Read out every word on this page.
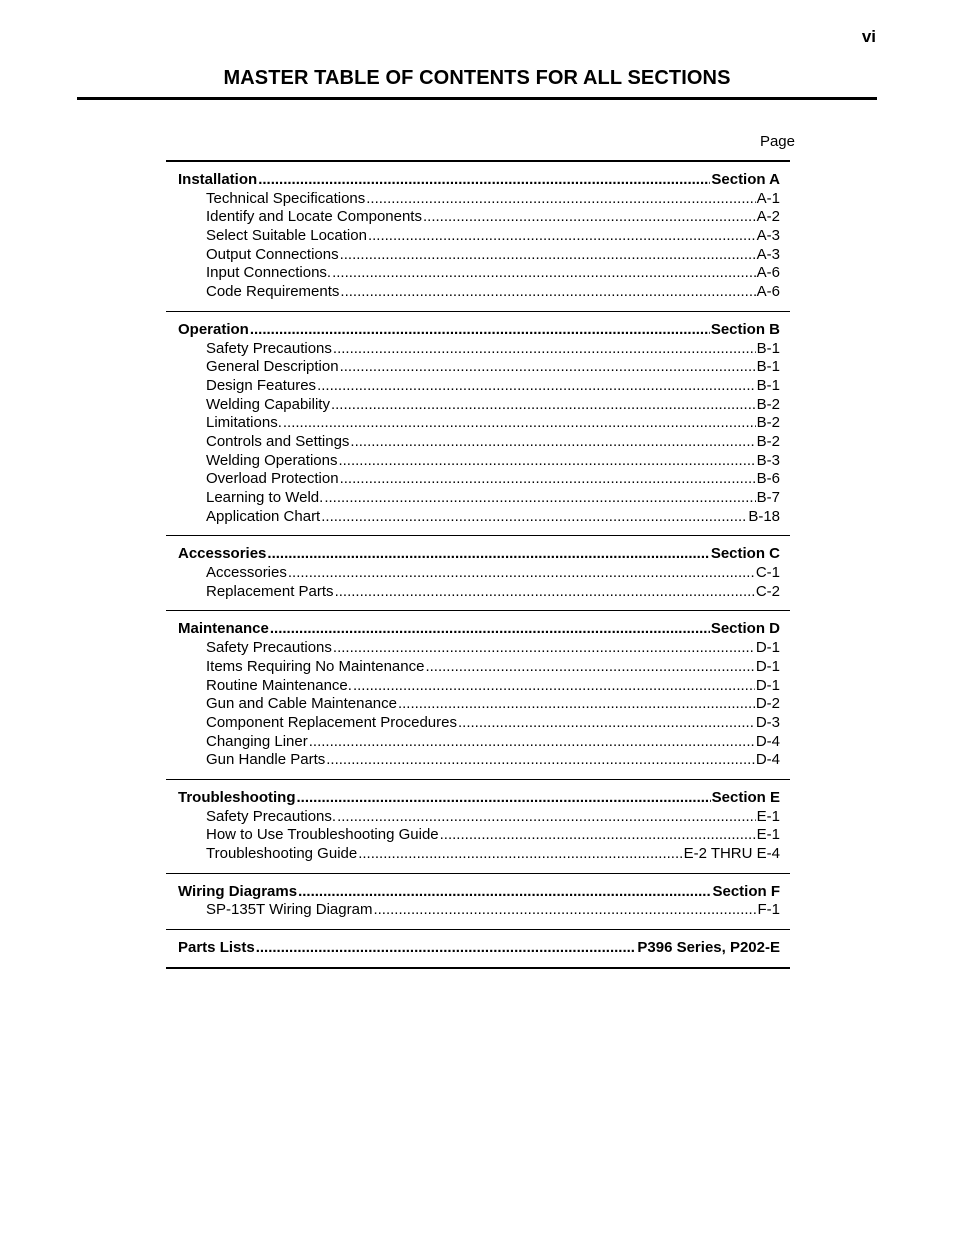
vi
MASTER TABLE OF CONTENTS FOR ALL SECTIONS
Page
Installation .....	Section A
Technical Specifications .....	A-1
Identify and Locate Components .....	A-2
Select Suitable Location .....	A-3
Output Connections .....	A-3
Input Connections. .....	A-6
Code Requirements .....	A-6
Operation .....	Section B
Safety Precautions .....	B-1
General Description .....	B-1
Design Features .....	B-1
Welding Capability .....	B-2
Limitations. .....	B-2
Controls and Settings .....	B-2
Welding Operations .....	B-3
Overload Protection .....	B-6
Learning to Weld. .....	B-7
Application Chart .....	B-18
Accessories .....	Section C
Accessories .....	C-1
Replacement Parts .....	C-2
Maintenance .....	Section D
Safety Precautions .....	D-1
Items Requiring No Maintenance .....	D-1
Routine Maintenance. .....	D-1
Gun and Cable Maintenance .....	D-2
Component Replacement Procedures .....	D-3
Changing Liner .....	D-4
Gun Handle Parts .....	D-4
Troubleshooting .....	Section E
Safety Precautions. .....	E-1
How to Use Troubleshooting Guide .....	E-1
Troubleshooting Guide .....	E-2 THRU E-4
Wiring Diagrams .....	Section F
SP-135T Wiring Diagram .....	F-1
Parts Lists .....	P396 Series, P202-E
